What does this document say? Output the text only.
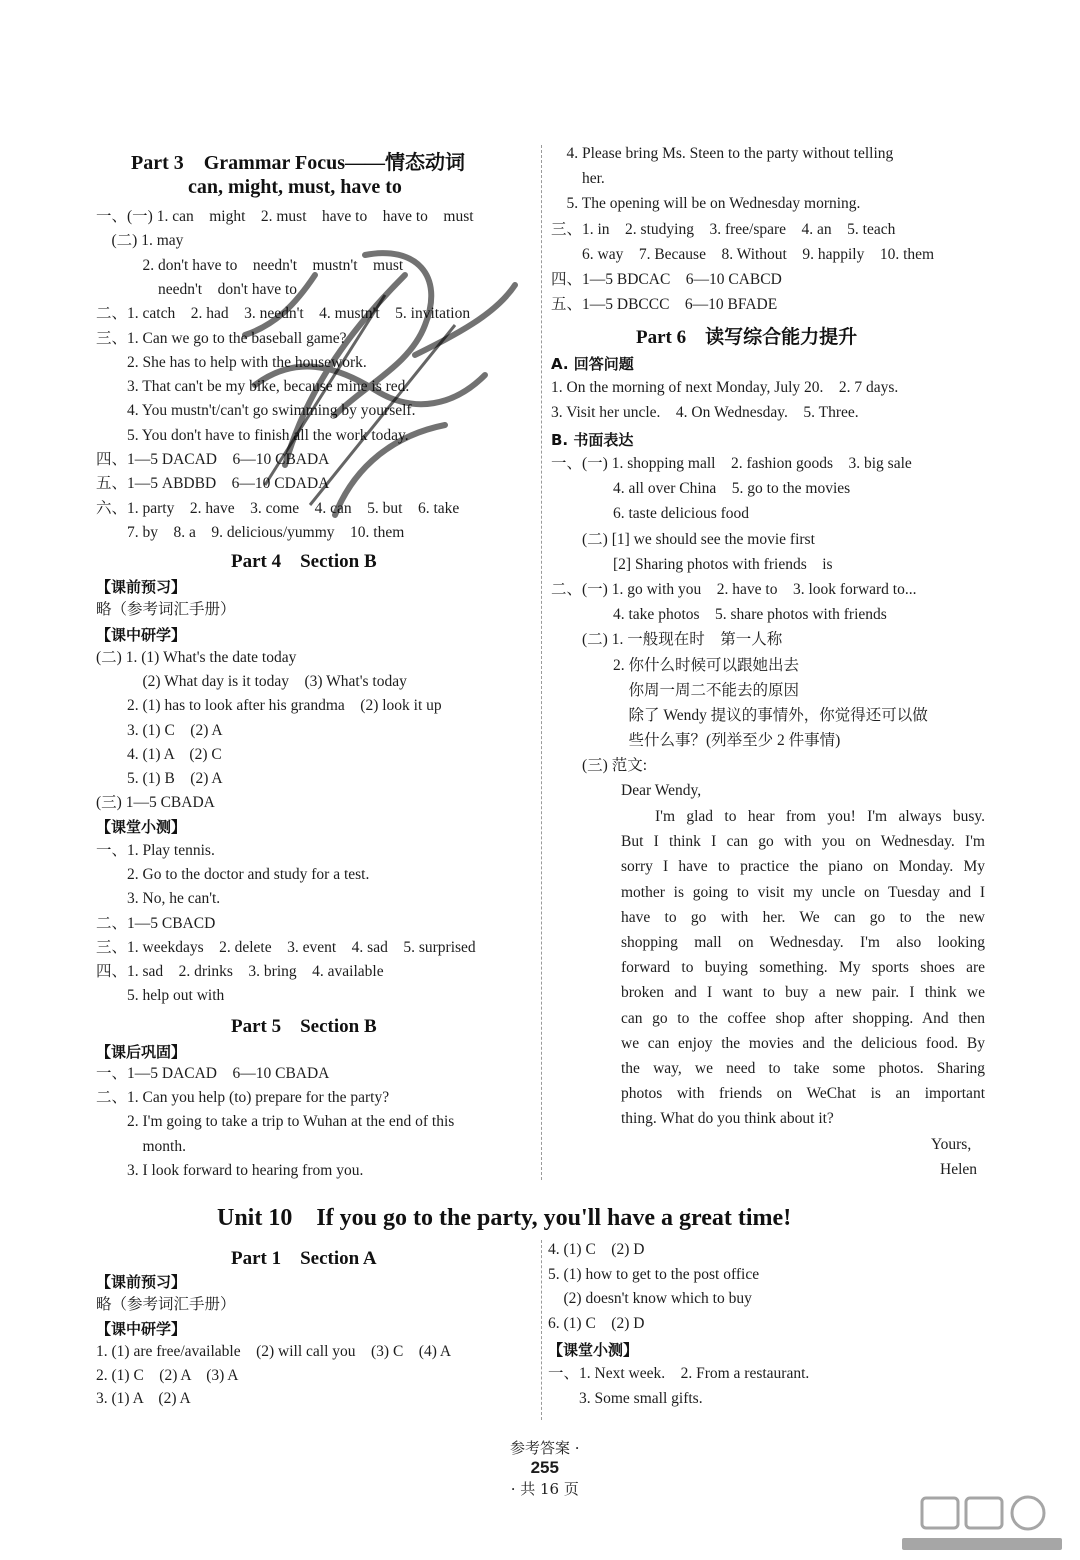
Part 3　Grammar Focus——情态动词
can, might, must, have to
一、(一) 1. can　might　2. must　have to　have to　must
　(二) 1. may
　　　2. don't have to　needn't　mustn't　must
　　　　needn't　don't have to
二、1. catch　2. had　3. needn't　4. mustn't　5. invitation
三、1. Can we go to the baseball game?
　　2. She has to help with the housework.
　　3. That can't be my bike, because mine is red.
　　4. You mustn't/can't go swimming by yourself.
　　5. You don't have to finish all the work today.
四、1—5 DACAD　6—10 CBADA
五、1—5 ABDBD　6—10 CDADA
六、1. party　2. have　3. come　4. can　5. but　6. take
　　7. by　8. a　9. delicious/yummy　10. them
Part 4　Section B
【课前预习】
略（参考词汇手册）
【课中研学】
(二) 1. (1) What's the date today
　　　(2) What day is it today　(3) What's today
　　2. (1) has to look after his grandma　(2) look it up
　　3. (1) C　(2) A
　　4. (1) A　(2) C
　　5. (1) B　(2) A
(三) 1—5 CBADA
【课堂小测】
一、1. Play tennis.
　　2. Go to the doctor and study for a test.
　　3. No, he can't.
二、1—5 CBACD
三、1. weekdays　2. delete　3. event　4. sad　5. surprised
四、1. sad　2. drinks　3. bring　4. available
　　5. help out with
Part 5　Section B
【课后巩固】
一、1—5 DACAD　6—10 CBADA
二、1. Can you help (to) prepare for the party?
　　2. I'm going to take a trip to Wuhan at the end of this
　　　month.
　　3. I look forward to hearing from you.
　4. Please bring Ms. Steen to the party without telling
　　her.
　5. The opening will be on Wednesday morning.
三、1. in　2. studying　3. free/spare　4. an　5. teach
　　6. way　7. Because　8. Without　9. happily　10. them
四、1—5 BDCAC　6—10 CABCD
五、1—5 DBCCC　6—10 BFADE
Part 6　读写综合能力提升
A. 回答问题
1. On the morning of next Monday, July 20.　2. 7 days.
3. Visit her uncle.　4. On Wednesday.　5. Three.
B. 书面表达
一、(一) 1. shopping mall　2. fashion goods　3. big sale
　　　　4. all over China　5. go to the movies
　　　　6. taste delicious food
　　(二) [1] we should see the movie first
　　　　[2] Sharing photos with friends　is
二、(一) 1. go with you　2. have to　3. look forward to...
　　　　4. take photos　5. share photos with friends
　　(二) 1. 一般现在时　第一人称
　　　　2. 你什么时候可以跟她出去
　　　　　你周一周二不能去的原因
　　　　　除了 Wendy 提议的事情外，你觉得还可以做
　　　　　些什么事？(列举至少 2 件事情)
　　(三) 范文:
Dear Wendy,
I'm glad to hear from you! I'm always busy.
But I think I can go with you on Wednesday. I'm
sorry I have to practice the piano on Monday. My
mother is going to visit my uncle on Tuesday and I
have to go with her. We can go to the new
shopping mall on Wednesday. I'm also looking
forward to buying something. My sports shoes are
broken and I want to buy a new pair. I think we
can go to the coffee shop after shopping. And then
we can enjoy the movies and the delicious food. By
the way, we need to take some photos. Sharing
photos with friends on WeChat is an important
thing. What do you think about it?
Yours,
Helen
Unit 10　If you go to the party, you'll have a great time!
Part 1　Section A
【课前预习】
略（参考词汇手册）
【课中研学】
1. (1) are free/available　(2) will call you　(3) C　(4) A
2. (1) C　(2) A　(3) A
3. (1) A　(2) A
4. (1) C　(2) D
5. (1) how to get to the post office
　(2) doesn't know which to buy
6. (1) C　(2) D
【课堂小测】
一、1. Next week.　2. From a restaurant.
　　3. Some small gifts.

参考答案 ·
255
· 共 16 页
